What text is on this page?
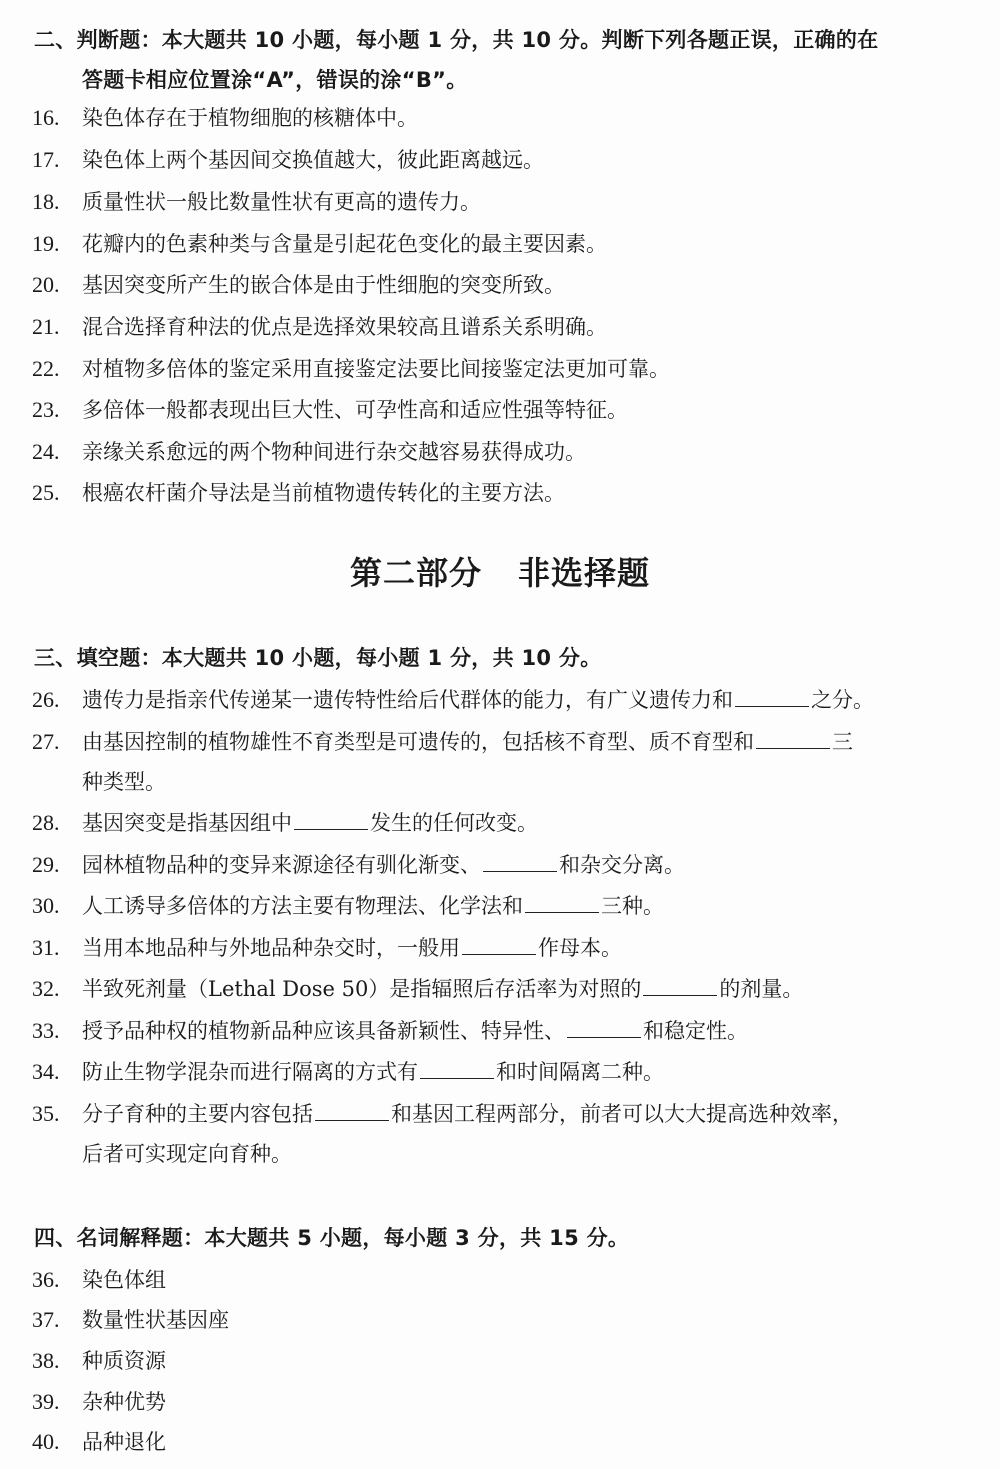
二、判断题：本大题共 10 小题，每小题 1 分，共 10 分。判断下列各题正误，正确的在
答题卡相应位置涂“A”，错误的涂“B”。
16. 染色体存在于植物细胞的核糖体中。
17. 染色体上两个基因间交换值越大，彼此距离越远。
18. 质量性状一般比数量性状有更高的遗传力。
19. 花瓣内的色素种类与含量是引起花色变化的最主要因素。
20. 基因突变所产生的嵌合体是由于性细胞的突变所致。
21. 混合选择育种法的优点是选择效果较高且谱系关系明确。
22. 对植物多倍体的鉴定采用直接鉴定法要比间接鉴定法更加可靠。
23. 多倍体一般都表现出巨大性、可孕性高和适应性强等特征。
24. 亲缘关系愈远的两个物种间进行杂交越容易获得成功。
25. 根癌农杆菌介导法是当前植物遗传转化的主要方法。
第二部分 非选择题
三、填空题：本大题共 10 小题，每小题 1 分，共 10 分。
26. 遗传力是指亲代传递某一遗传特性给后代群体的能力，有广义遗传力和	之分。
27. 由基因控制的植物雄性不育类型是可遗传的，包括核不育型、质不育型和	三
种类型。
28. 基因突变是指基因组中	发生的任何改变。
29. 园林植物品种的变异来源途径有驯化渐变、	和杂交分离。
30. 人工诱导多倍体的方法主要有物理法、化学法和	三种。
31. 当用本地品种与外地品种杂交时，一般用	作母本。
32. 半致死剂量（Lethal Dose 50）是指辐照后存活率为对照的	的剂量。
33. 授予品种权的植物新品种应该具备新颖性、特异性、	和稳定性。
34. 防止生物学混杂而进行隔离的方式有	和时间隔离二种。
35. 分子育种的主要内容包括	和基因工程两部分，前者可以大大提高选种效率，
后者可实现定向育种。
四、名词解释题：本大题共 5 小题，每小题 3 分，共 15 分。
36. 染色体组
37. 数量性状基因座
38. 种质资源
39. 杂种优势
40. 品种退化
